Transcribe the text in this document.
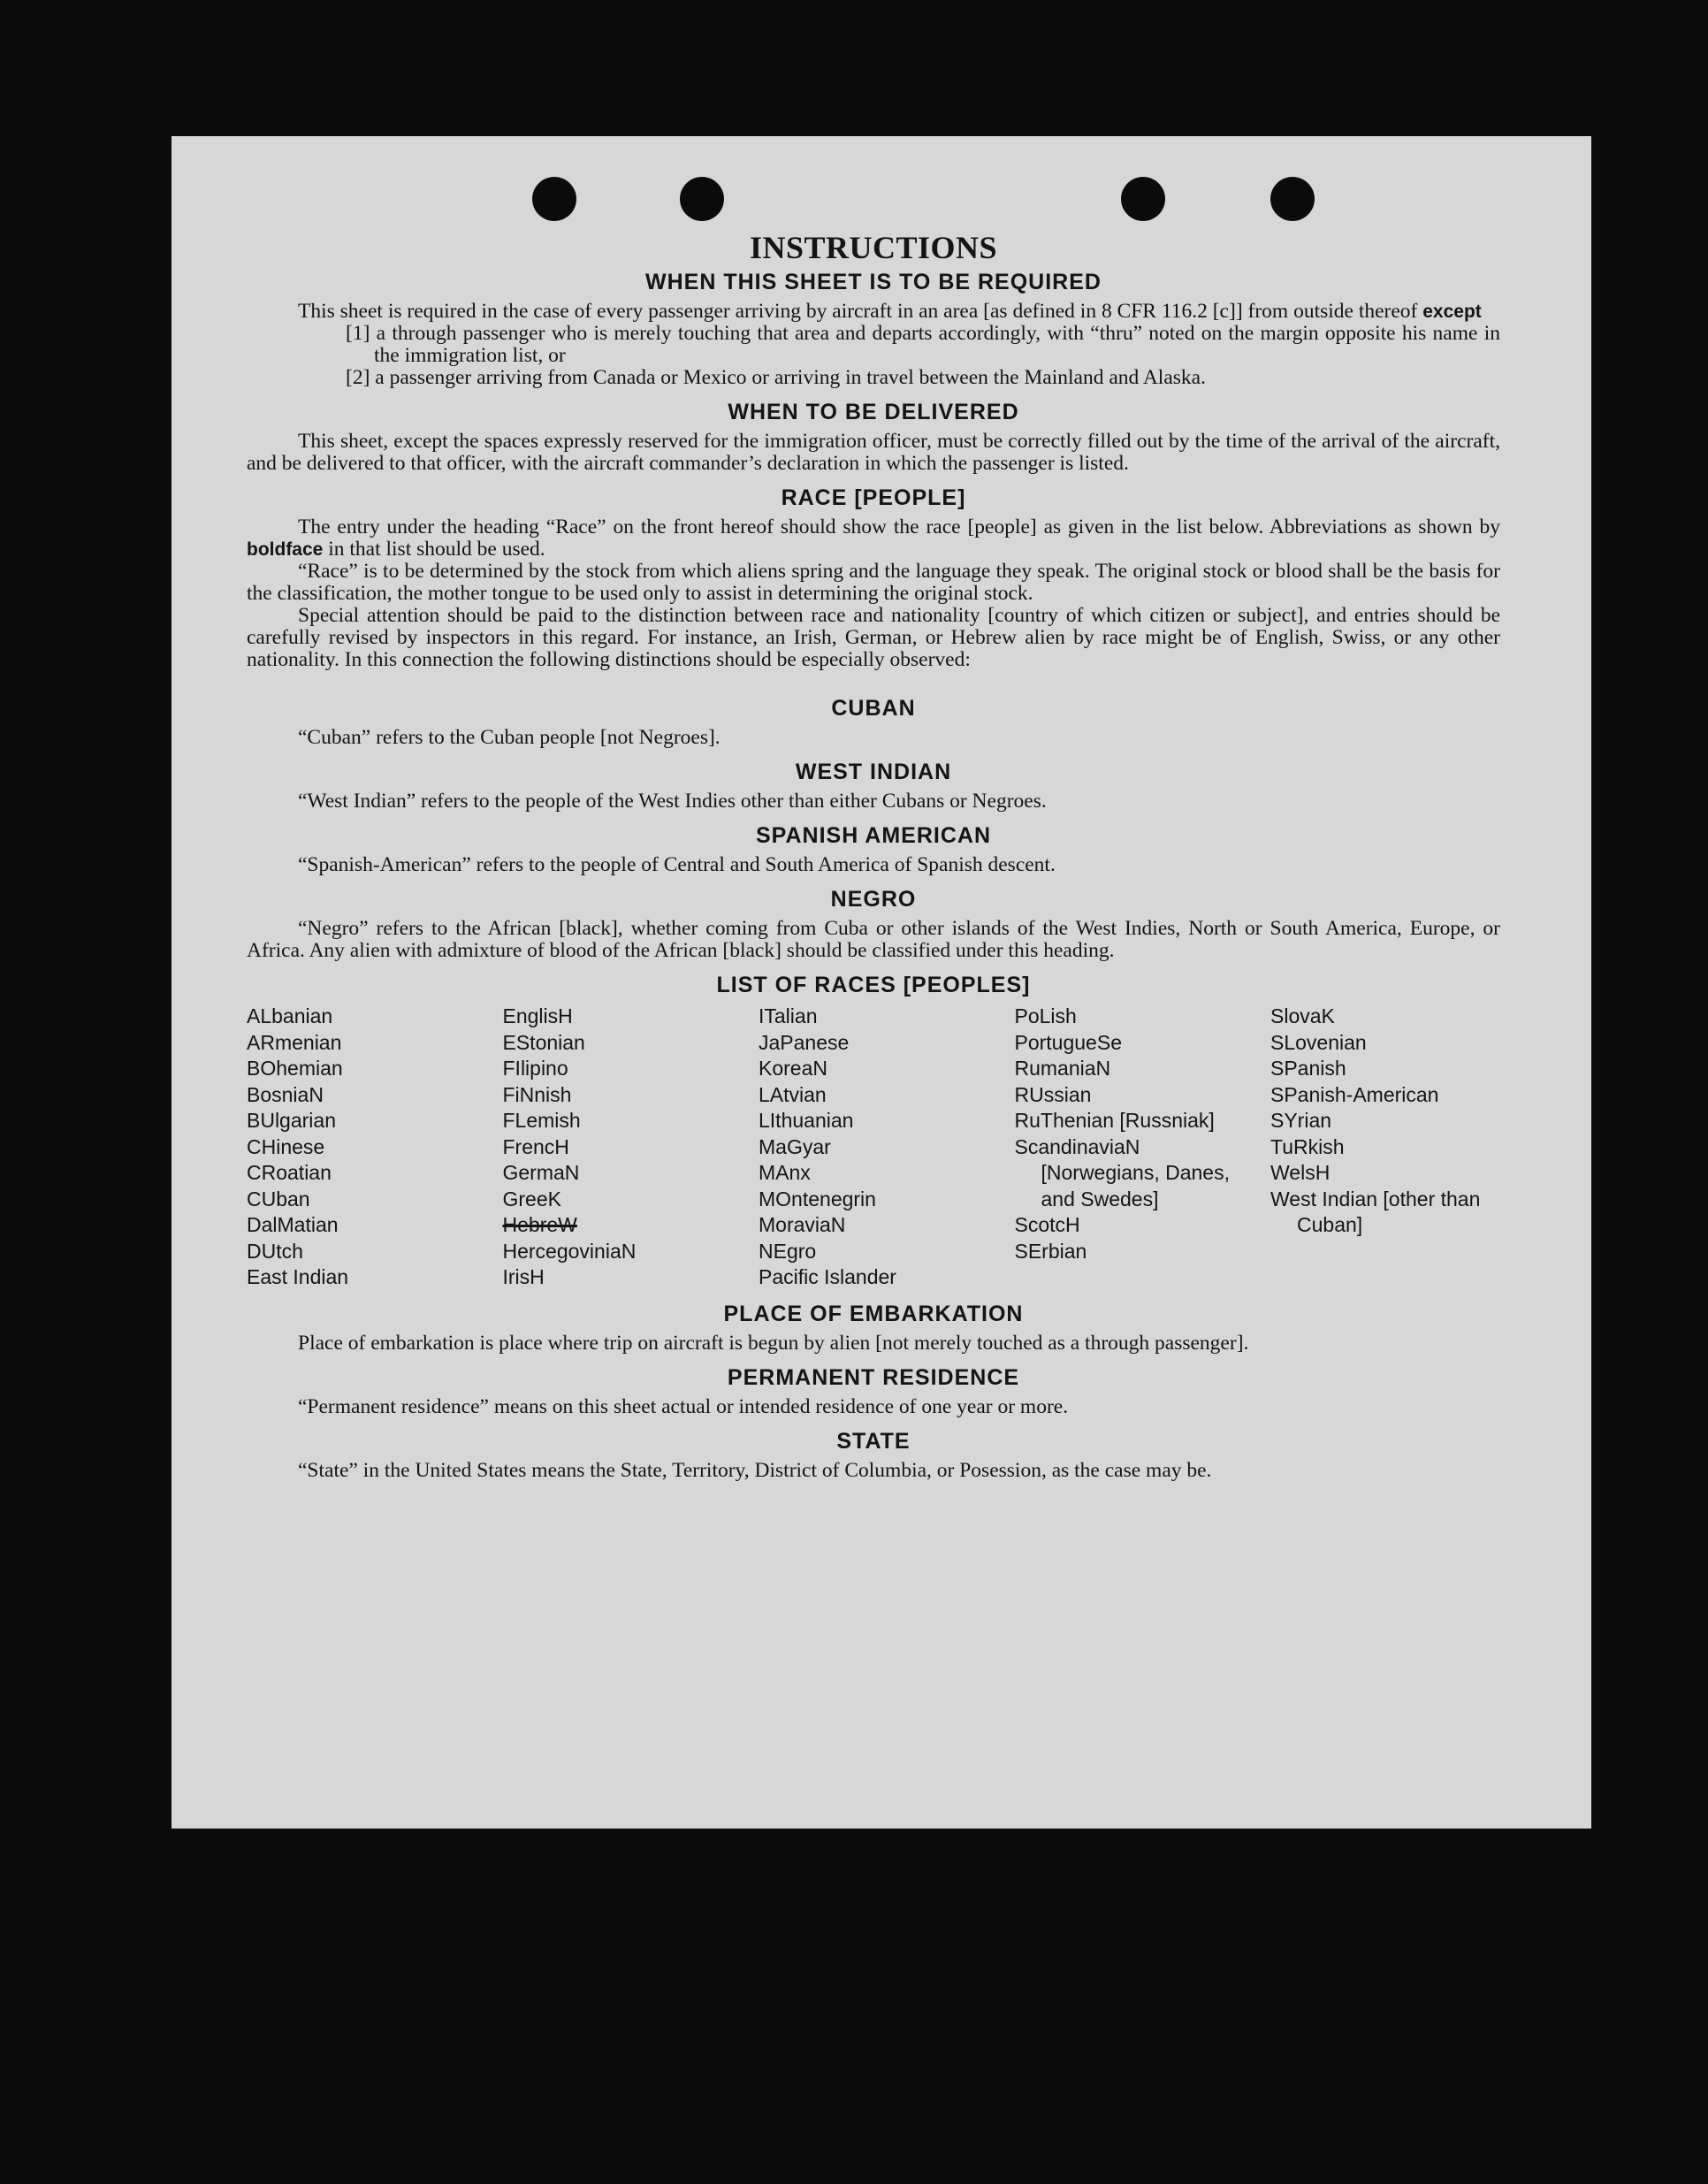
INSTRUCTIONS
WHEN THIS SHEET IS TO BE REQUIRED

This sheet is required in the case of every passenger arriving by aircraft in an area [as defined in 8 CFR 116.2 [c]] from outside thereof except

[1] a through passenger who is merely touching that area and departs accordingly, with “thru” noted on the margin opposite his name in the immigration list, or

[2] a passenger arriving from Canada or Mexico or arriving in travel between the Mainland and Alaska.

WHEN TO BE DELIVERED

This sheet, except the spaces expressly reserved for the immigration officer, must be correctly filled out by the time of the arrival of the aircraft, and be delivered to that officer, with the aircraft commander’s declaration in which the passenger is listed.

RACE [PEOPLE]

The entry under the heading “Race” on the front hereof should show the race [people] as given in the list below. Abbreviations as shown by boldface in that list should be used.

“Race” is to be determined by the stock from which aliens spring and the language they speak. The original stock or blood shall be the basis for the classification, the mother tongue to be used only to assist in determining the original stock.

Special attention should be paid to the distinction between race and nationality [country of which citizen or subject], and entries should be carefully revised by inspectors in this regard. For instance, an Irish, German, or Hebrew alien by race might be of English, Swiss, or any other nationality. In this connection the following distinctions should be especially observed:

CUBAN

“Cuban” refers to the Cuban people [not Negroes].

WEST INDIAN

“West Indian” refers to the people of the West Indies other than either Cubans or Negroes.

SPANISH AMERICAN

“Spanish-American” refers to the people of Central and South America of Spanish descent.

NEGRO

“Negro” refers to the African [black], whether coming from Cuba or other islands of the West Indies, North or South America, Europe, or Africa. Any alien with admixture of blood of the African [black] should be classified under this heading.

LIST OF RACES [PEOPLES]
ALbanian
ARmenian
BOhemian
BosniaN
BUlgarian
CHinese
CRoatian
CUban
DalMatian
DUtch
East Indian
EnglisH
EStonian
FIlipino
FiNnish
FLemish
FrencH
GermaN
GreeK
HebreW
HercegoviniaN
IrisH
ITalian
JaPanese
KoreaN
LAtvian
LIthuanian
MaGyar
MAnx
MOntenegrin
MoraviaN
NEgro
Pacific Islander
PoLish
PortugueSe
RumaniaN
RUssian
RuThenian [Russniak]
ScandinaviaN [Norwegians, Danes, and Swedes]
ScotcH
SErbian
SlovaK
SLovenian
SPanish
SPanish-American
SYrian
TuRkish
WelsH
West Indian [other than Cuban]
PLACE OF EMBARKATION

Place of embarkation is place where trip on aircraft is begun by alien [not merely touched as a through passenger].

PERMANENT RESIDENCE

“Permanent residence” means on this sheet actual or intended residence of one year or more.

STATE

“State” in the United States means the State, Territory, District of Columbia, or Posession, as the case may be.
